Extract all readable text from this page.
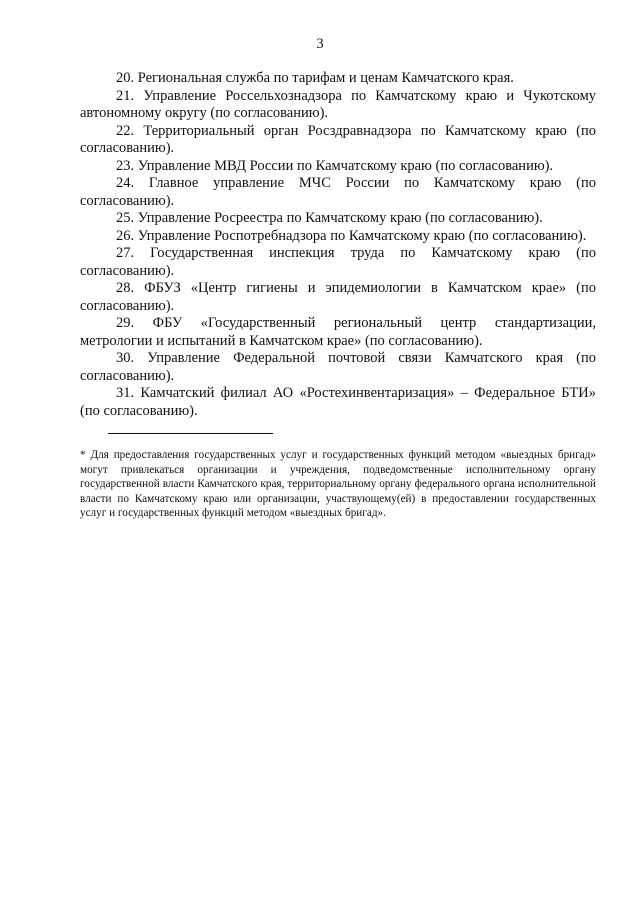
3

20. Региональная служба по тарифам и ценам Камчатского края.

21. Управление Россельхознадзора по Камчатскому краю и Чукотскому автономному округу (по согласованию).

22. Территориальный орган Росздравнадзора по Камчатскому краю (по согласованию).

23. Управление МВД России по Камчатскому краю (по согласованию).

24. Главное управление МЧС России по Камчатскому краю (по согласованию).

25. Управление Росреестра по Камчатскому краю (по согласованию).

26. Управление Роспотребнадзора по Камчатскому краю (по согласованию).

27. Государственная инспекция труда по Камчатскому краю (по согласованию).

28. ФБУЗ «Центр гигиены и эпидемиологии в Камчатском крае» (по согласованию).

29. ФБУ «Государственный региональный центр стандартизации, метрологии и испытаний в Камчатском крае» (по согласованию).

30. Управление Федеральной почтовой связи Камчатского края (по согласованию).

31. Камчатский филиал АО «Ростехинвентаризация» – Федеральное БТИ» (по согласованию).

* Для предоставления государственных услуг и государственных функций методом «выездных бригад» могут привлекаться организации и учреждения, подведомственные исполнительному органу государственной власти Камчатского края, территориальному органу федерального органа исполнительной власти по Камчатскому краю или организации, участвующему(ей) в предоставлении государственных услуг и государственных функций методом «выездных бригад».
